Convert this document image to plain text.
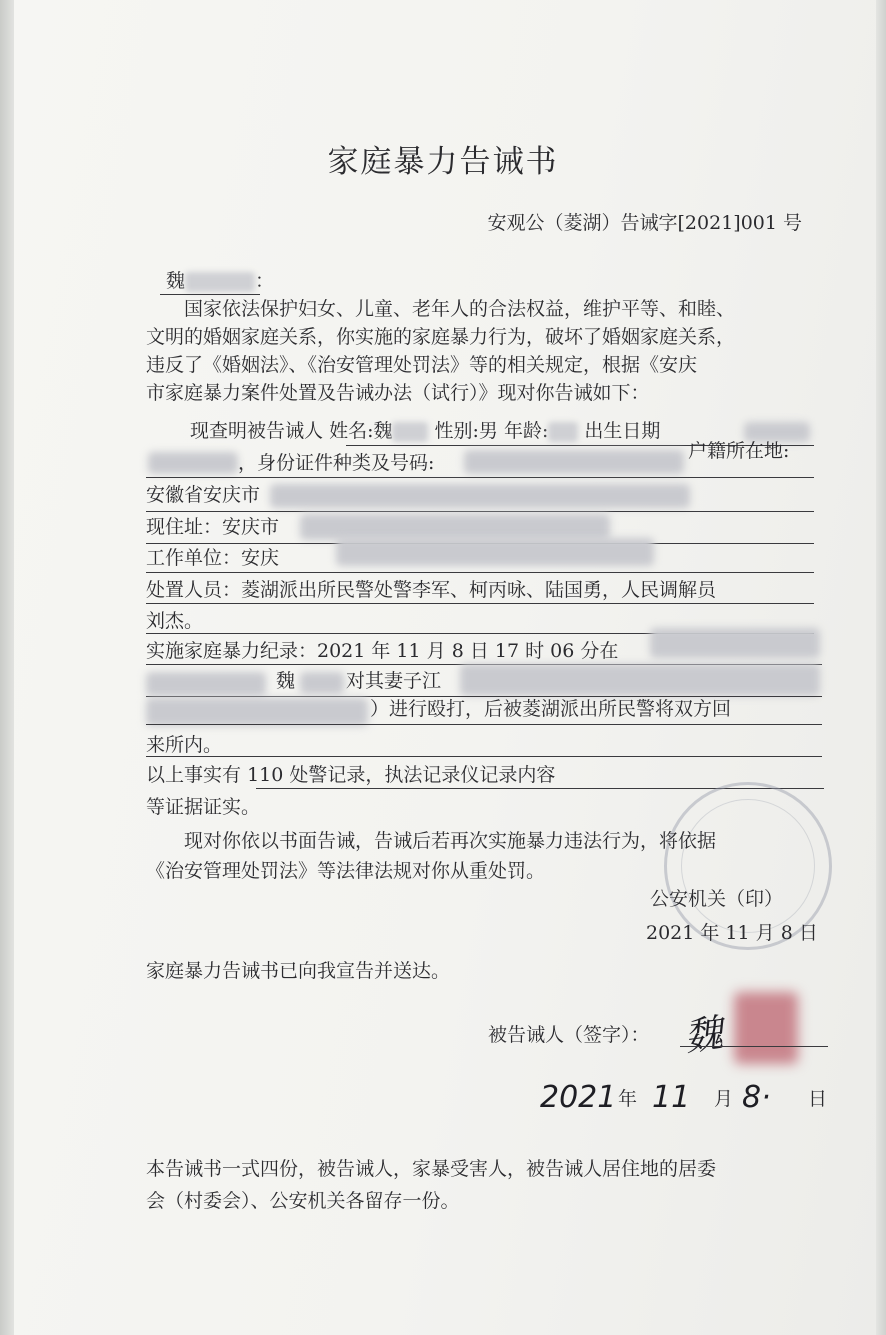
家庭暴力告诫书
安观公（菱湖）告诫字[2021]001 号
魏	：
国家依法保护妇女、儿童、老年人的合法权益，维护平等、和睦、
文明的婚姻家庭关系，你实施的家庭暴力行为，破坏了婚姻家庭关系，
违反了《婚姻法》、《治安管理处罚法》等的相关规定，根据《安庆
市家庭暴力案件处置及告诫办法（试行）》现对你告诫如下：
现查明被告诫人 姓名:魏 性别:男 年龄: 出生日期
，身份证件种类及号码:
户籍所在地:
安徽省安庆市
现住址：安庆市
工作单位：安庆
处置人员：菱湖派出所民警处警李军、柯丙咏、陆国勇，人民调解员
刘杰。
实施家庭暴力纪录：2021 年 11 月 8 日 17 时 06 分在
魏	对其妻子江
）进行殴打，后被菱湖派出所民警将双方回
来所内。
以上事实有 110 处警记录，执法记录仪记录内容
等证据证实。
现对你依以书面告诫，告诫后若再次实施暴力违法行为，将依据
《治安管理处罚法》等法律法规对你从重处罚。
公安机关（印）
2021 年 11 月 8 日
家庭暴力告诫书已向我宣告并送达。
被告诫人（签字）： 魏
2021 年 11 月 8· 日
本告诫书一式四份，被告诫人，家暴受害人，被告诫人居住地的居委
会（村委会）、公安机关各留存一份。
